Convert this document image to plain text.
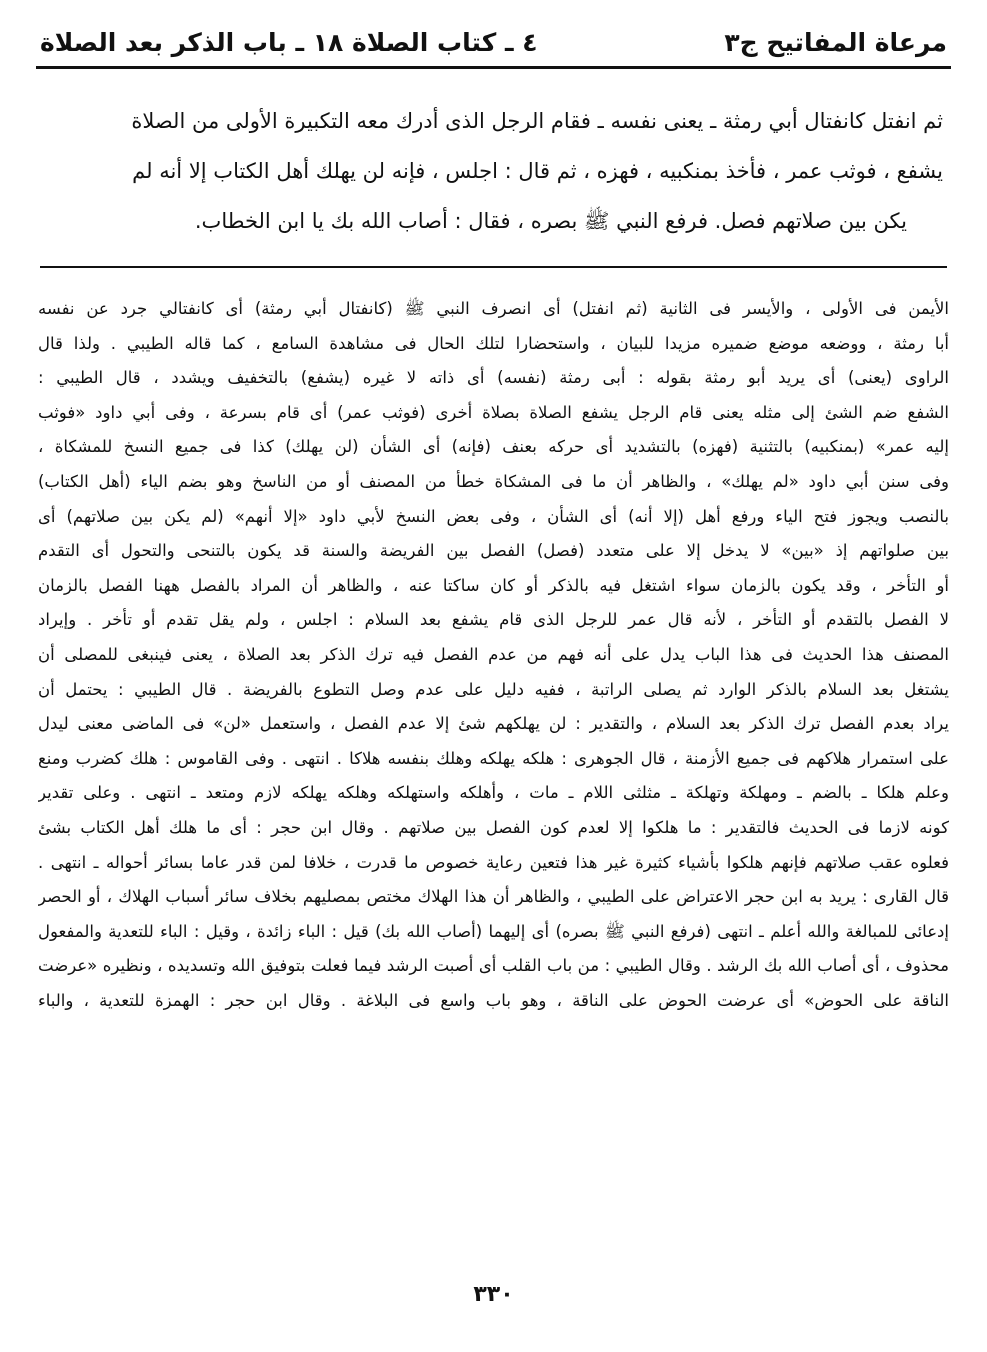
مرعاة المفاتيح ج٣
٤ ـ كتاب الصلاة ١٨ ـ باب الذكر بعد الصلاة

ثم انفتل كانفتال أبي رمثة ـ يعنى نفسه ـ فقام الرجل الذى أدرك معه التكبيرة الأولى من الصلاة

يشفع ، فوثب عمر ، فأخذ بمنكبيه ، فهزه ، ثم قال : اجلس ، فإنه لن يهلك أهل الكتاب إلا أنه لم

يكن بين صلاتهم فصل. فرفع النبي ﷺ بصره ، فقال : أصاب الله بك يا ابن الخطاب.

الأيمن فى الأولى ، والأيسر فى الثانية (ثم انفتل) أى انصرف النبي ﷺ (كانفتال أبي رمثة) أى كانفتالي جرد عن نفسه

أبا رمثة ، ووضعه موضع ضميره مزيدا للبيان ، واستحضارا لتلك الحال فى مشاهدة السامع ، كما قاله الطيبي . ولذا قال

الراوى (يعنى) أى يريد أبو رمثة بقوله : أبى رمثة (نفسه) أى ذاته لا غيره (يشفع) بالتخفيف ويشدد ، قال الطيبي :

الشفع ضم الشئ إلى مثله يعنى قام الرجل يشفع الصلاة بصلاة أخرى (فوثب عمر) أى قام بسرعة ، وفى أبي داود «فوثب

إليه عمر» (بمنكبيه) بالتثنية (فهزه) بالتشديد أى حركه بعنف (فإنه) أى الشأن (لن يهلك) كذا فى جميع النسخ للمشكاة ،

وفى سنن أبي داود «لم يهلك» ، والظاهر أن ما فى المشكاة خطأ من المصنف أو من الناسخ وهو بضم الياء (أهل الكتاب)

بالنصب ويجوز فتح الياء ورفع أهل (إلا أنه) أى الشأن ، وفى بعض النسخ لأبي داود «إلا أنهم» (لم يكن بين صلاتهم) أى

بين صلواتهم إذ «بين» لا يدخل إلا على متعدد (فصل) الفصل بين الفريضة والسنة قد يكون بالتنحى والتحول أى التقدم

أو التأخر ، وقد يكون بالزمان سواء اشتغل فيه بالذكر أو كان ساكتا عنه ، والظاهر أن المراد بالفصل ههنا الفصل بالزمان

لا الفصل بالتقدم أو التأخر ، لأنه قال عمر للرجل الذى قام يشفع بعد السلام : اجلس ، ولم يقل تقدم أو تأخر . وإيراد

المصنف هذا الحديث فى هذا الباب يدل على أنه فهم من عدم الفصل فيه ترك الذكر بعد الصلاة ، يعنى فينبغى للمصلى أن

يشتغل بعد السلام بالذكر الوارد ثم يصلى الراتبة ، ففيه دليل على عدم وصل التطوع بالفريضة . قال الطيبي : يحتمل أن

يراد بعدم الفصل ترك الذكر بعد السلام ، والتقدير : لن يهلكهم شئ إلا عدم الفصل ، واستعمل «لن» فى الماضى معنى ليدل

على استمرار هلاكهم فى جميع الأزمنة ، قال الجوهرى : هلكه يهلكه وهلك بنفسه هلاكا . انتهى . وفى القاموس : هلك كضرب ومنع

وعلم هلكا ـ بالضم ـ ومهلكة وتهلكة ـ مثلثى اللام ـ مات ، وأهلكه واستهلكه وهلكه يهلكه لازم ومتعد ـ انتهى . وعلى تقدير

كونه لازما فى الحديث فالتقدير : ما هلكوا إلا لعدم كون الفصل بين صلاتهم . وقال ابن حجر : أى ما هلك أهل الكتاب بشئ

فعلوه عقب صلاتهم فإنهم هلكوا بأشياء كثيرة غير هذا فتعين رعاية خصوص ما قدرت ، خلافا لمن قدر عاما بسائر أحواله ـ انتهى .

قال القارى : يريد به ابن حجر الاعتراض على الطيبي ، والظاهر أن هذا الهلاك مختص بمصليهم بخلاف سائر أسباب الهلاك ، أو الحصر

إدعائى للمبالغة والله أعلم ـ انتهى (فرفع النبي ﷺ بصره) أى إليهما (أصاب الله بك) قيل : الباء زائدة ، وقيل : الباء للتعدية والمفعول

محذوف ، أى أصاب الله بك الرشد . وقال الطيبي : من باب القلب أى أصبت الرشد فيما فعلت بتوفيق الله وتسديده ، ونظيره «عرضت

الناقة على الحوض» أى عرضت الحوض على الناقة ، وهو باب واسع فى البلاغة . وقال ابن حجر : الهمزة للتعدية ، والباء

٣٣٠
